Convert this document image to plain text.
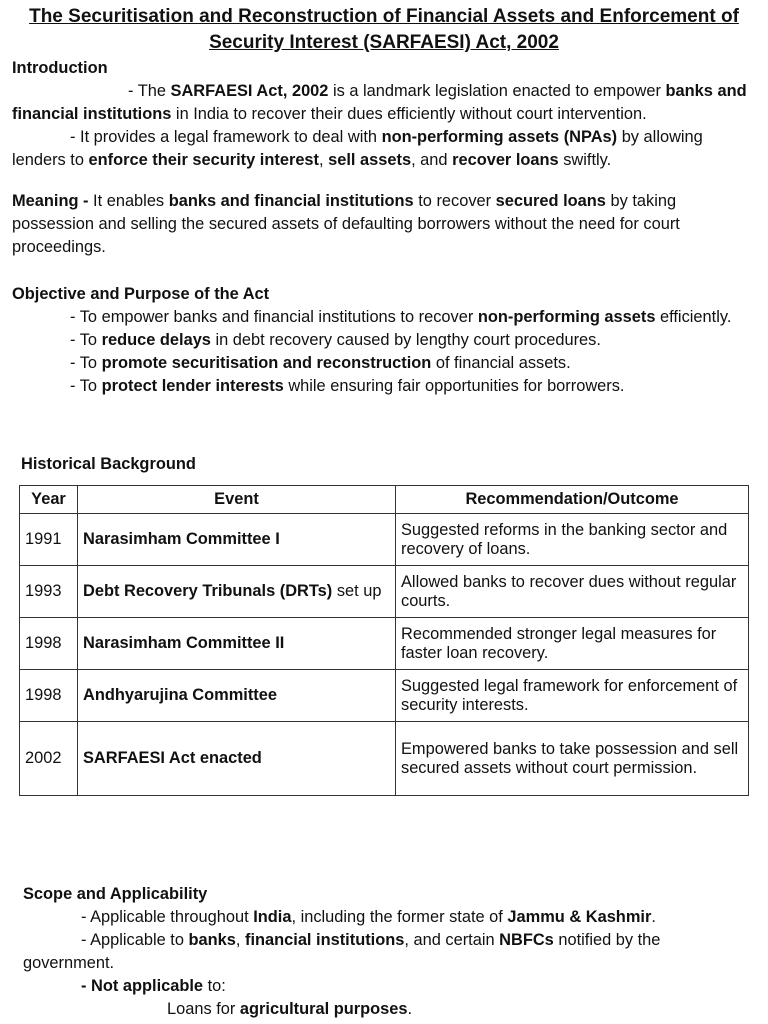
The Securitisation and Reconstruction of Financial Assets and Enforcement of Security Interest (SARFAESI) Act, 2002

Introduction

- The SARFAESI Act, 2002 is a landmark legislation enacted to empower banks and financial institutions in India to recover their dues efficiently without court intervention.

- It provides a legal framework to deal with non-performing assets (NPAs) by allowing lenders to enforce their security interest, sell assets, and recover loans swiftly.

Meaning - It enables banks and financial institutions to recover secured loans by taking possession and selling the secured assets of defaulting borrowers without the need for court proceedings.

Objective and Purpose of the Act

- To empower banks and financial institutions to recover non-performing assets efficiently.

- To reduce delays in debt recovery caused by lengthy court procedures.

- To promote securitisation and reconstruction of financial assets.

- To protect lender interests while ensuring fair opportunities for borrowers.

Historical Background

Year	Event	Recommendation/Outcome
1991	Narasimham Committee I	Suggested reforms in the banking sector and recovery of loans.
1993	Debt Recovery Tribunals (DRTs) set up	Allowed banks to recover dues without regular courts.
1998	Narasimham Committee II	Recommended stronger legal measures for faster loan recovery.
1998	Andhyarujina Committee	Suggested legal framework for enforcement of security interests.
2002	SARFAESI Act enacted	Empowered banks to take possession and sell secured assets without court permission.

Scope and Applicability

- Applicable throughout India, including the former state of Jammu & Kashmir.

- Applicable to banks, financial institutions, and certain NBFCs notified by the government.

- Not applicable to:

Loans for agricultural purposes.
